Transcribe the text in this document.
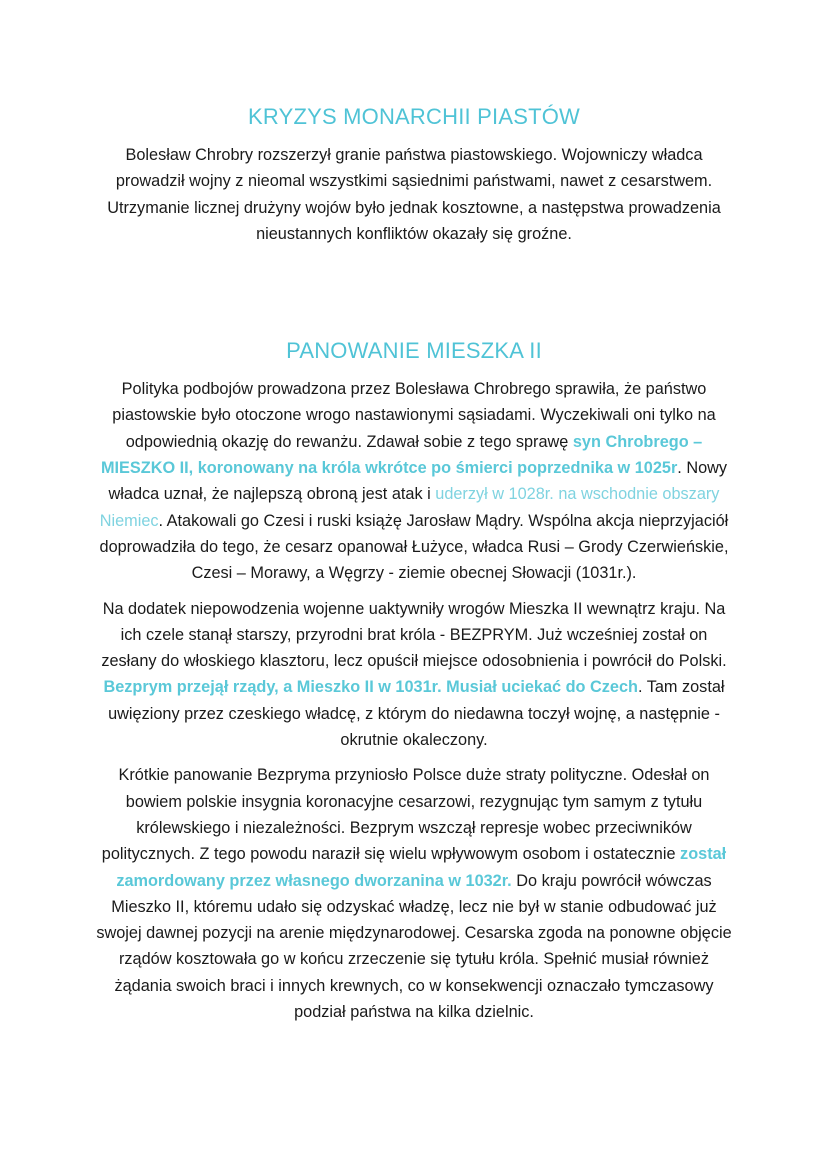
KRYZYS MONARCHII PIASTÓW

Bolesław Chrobry rozszerzył granie państwa piastowskiego. Wojowniczy władca prowadził wojny z nieomal wszystkimi sąsiednimi państwami, nawet z cesarstwem. Utrzymanie licznej drużyny wojów było jednak kosztowne, a następstwa prowadzenia nieustannych konfliktów okazały się groźne.

PANOWANIE MIESZKA II

Polityka podbojów prowadzona przez Bolesława Chrobrego sprawiła, że państwo piastowskie było otoczone wrogo nastawionymi sąsiadami. Wyczekiwali oni tylko na odpowiednią okazję do rewanżu. Zdawał sobie z tego sprawę syn Chrobrego – MIESZKO II, koronowany na króla wkrótce po śmierci poprzednika w 1025r. Nowy władca uznał, że najlepszą obroną jest atak i uderzył w 1028r. na wschodnie obszary Niemiec. Atakowali go Czesi i ruski książę Jarosław Mądry. Wspólna akcja nieprzyjaciół doprowadziła do tego, że cesarz opanował Łużyce, władca Rusi – Grody Czerwieńskie, Czesi – Morawy, a Węgrzy - ziemie obecnej Słowacji (1031r.).

Na dodatek niepowodzenia wojenne uaktywniły wrogów Mieszka II wewnątrz kraju. Na ich czele stanął starszy, przyrodni brat króla - BEZPRYM. Już wcześniej został on zesłany do włoskiego klasztoru, lecz opuścił miejsce odosobnienia i powrócił do Polski. Bezprym przejął rządy, a Mieszko II w 1031r. Musiał uciekać do Czech. Tam został uwięziony przez czeskiego władcę, z którym do niedawna toczył wojnę, a następnie - okrutnie okaleczony.

Krótkie panowanie Bezpryma przyniosło Polsce duże straty polityczne. Odesłał on bowiem polskie insygnia koronacyjne cesarzowi, rezygnując tym samym z tytułu królewskiego i niezależności. Bezprym wszczął represje wobec przeciwników politycznych. Z tego powodu naraził się wielu wpływowym osobom i ostatecznie został zamordowany przez własnego dworzanina w 1032r. Do kraju powrócił wówczas Mieszko II, któremu udało się odzyskać władzę, lecz nie był w stanie odbudować już swojej dawnej pozycji na arenie międzynarodowej. Cesarska zgoda na ponowne objęcie rządów kosztowała go w końcu zrzeczenie się tytułu króla. Spełnić musiał również żądania swoich braci i innych krewnych, co w konsekwencji oznaczało tymczasowy podział państwa na kilka dzielnic.
